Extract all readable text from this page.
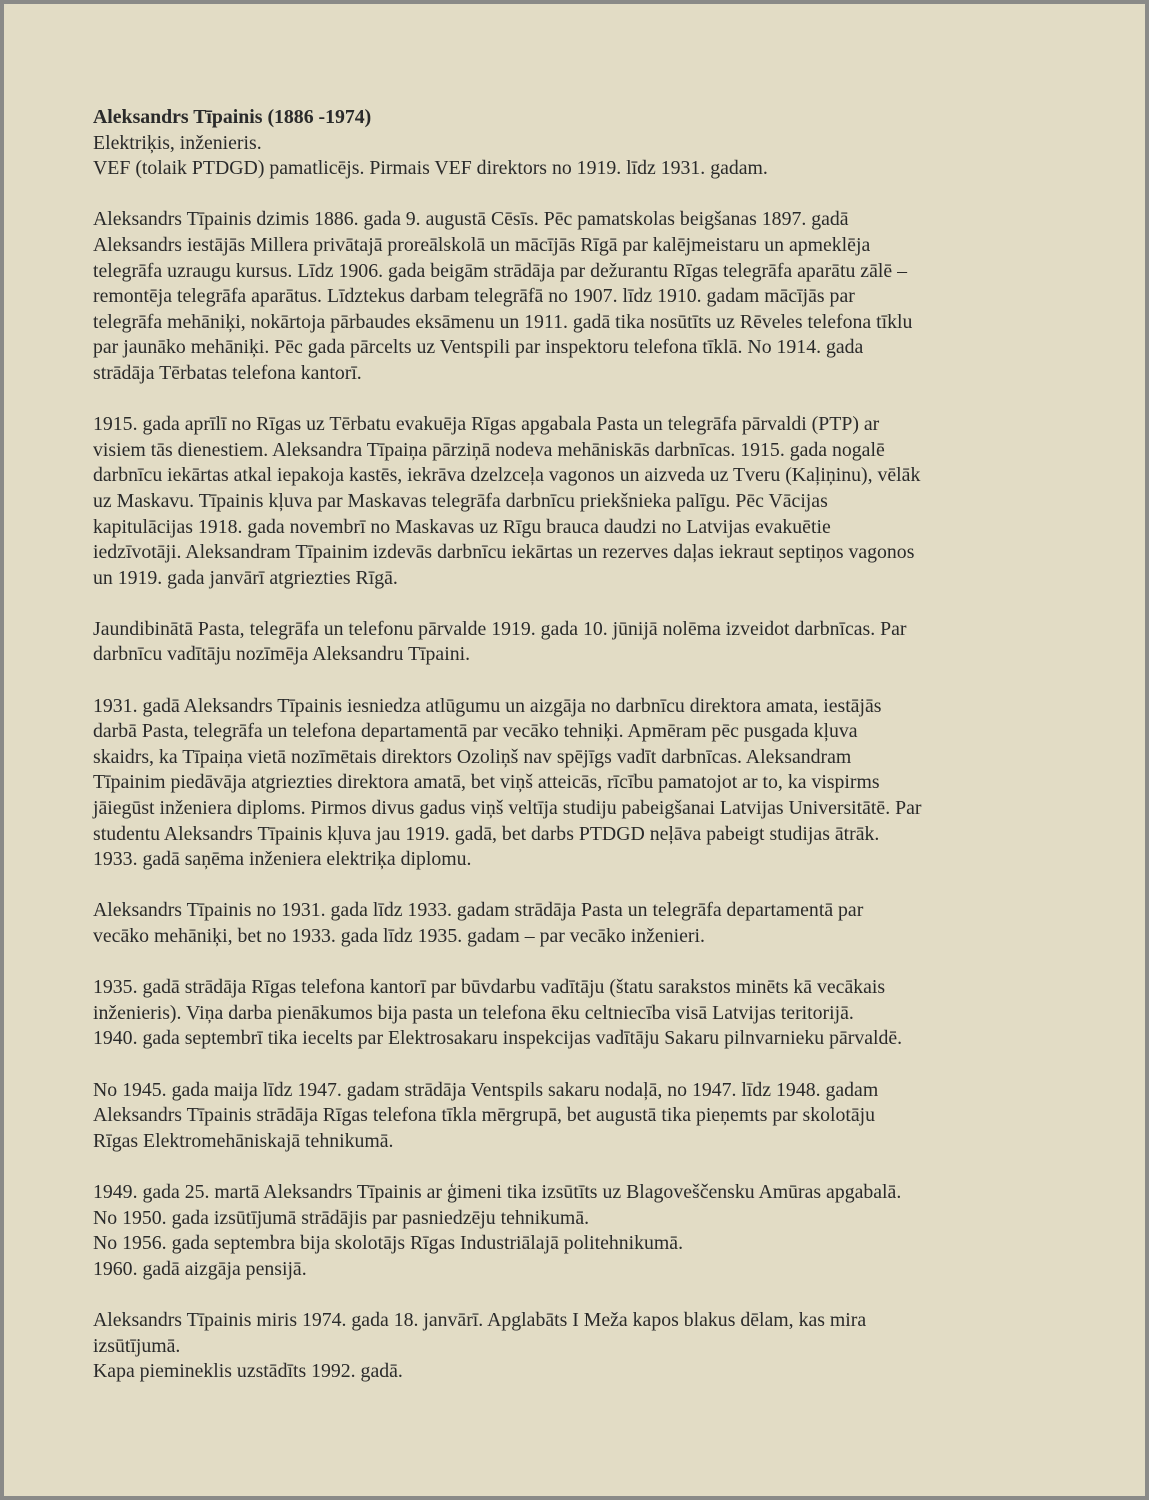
Aleksandrs Tīpainis (1886 -1974)
Elektriķis, inženieris.
VEF (tolaik PTDGD) pamatlicējs. Pirmais VEF direktors no 1919. līdz 1931. gadam.
Aleksandrs Tīpainis dzimis 1886. gada 9. augustā Cēsīs. Pēc pamatskolas beigšanas 1897. gadā
Aleksandrs iestājās Millera privātajā proreālskolā un mācījās Rīgā par kalējmeistaru un apmeklēja
telegrāfa uzraugu kursus. Līdz 1906. gada beigām strādāja par dežurantu Rīgas telegrāfa aparātu zālē –
remontēja telegrāfa aparātus. Līdztekus darbam telegrāfā no 1907. līdz 1910. gadam mācījās par
telegrāfa mehāniķi, nokārtoja pārbaudes eksāmenu un 1911. gadā tika nosūtīts uz Rēveles telefona tīklu
par jaunāko mehāniķi. Pēc gada pārcelts uz Ventspili par inspektoru telefona tīklā. No 1914. gada
strādāja Tērbatas telefona kantorī.
1915. gada aprīlī no Rīgas uz Tērbatu evakuēja Rīgas apgabala Pasta un telegrāfa pārvaldi (PTP) ar
visiem tās dienestiem. Aleksandra Tīpaiņa pārziņā nodeva mehāniskās darbnīcas. 1915. gada nogalē
darbnīcu iekārtas atkal iepakoja kastēs, iekrāva dzelzceļa vagonos un aizveda uz Tveru (Kaļiņinu), vēlāk
uz Maskavu. Tīpainis kļuva par Maskavas telegrāfa darbnīcu priekšnieka palīgu. Pēc Vācijas
kapitulācijas 1918. gada novembrī no Maskavas uz Rīgu brauca daudzi no Latvijas evakuētie
iedzīvotāji. Aleksandram Tīpainim izdevās darbnīcu iekārtas un rezerves daļas iekraut septiņos vagonos
un 1919. gada janvārī atgriezties Rīgā.
Jaundibinātā Pasta, telegrāfa un telefonu pārvalde 1919. gada 10. jūnijā nolēma izveidot darbnīcas. Par
darbnīcu vadītāju nozīmēja Aleksandru Tīpaini.
1931. gadā Aleksandrs Tīpainis iesniedza atlūgumu un aizgāja no darbnīcu direktora amata, iestājās
darbā Pasta, telegrāfa un telefona departamentā par vecāko tehniķi. Apmēram pēc pusgada kļuva
skaidrs, ka Tīpaiņa vietā nozīmētais direktors Ozoliņš nav spējīgs vadīt darbnīcas. Aleksandram
Tīpainim piedāvāja atgriezties direktora amatā, bet viņš atteicās, rīcību pamatojot ar to, ka vispirms
jāiegūst inženiera diploms. Pirmos divus gadus viņš veltīja studiju pabeigšanai Latvijas Universitātē. Par
studentu Aleksandrs Tīpainis kļuva jau 1919. gadā, bet darbs PTDGD neļāva pabeigt studijas ātrāk.
1933. gadā saņēma inženiera elektriķa diplomu.
Aleksandrs Tīpainis no 1931. gada līdz 1933. gadam strādāja Pasta un telegrāfa departamentā par
vecāko mehāniķi, bet no 1933. gada līdz 1935. gadam – par vecāko inženieri.
1935. gadā strādāja Rīgas telefona kantorī par būvdarbu vadītāju (štatu sarakstos minēts kā vecākais
inženieris). Viņa darba pienākumos bija pasta un telefona ēku celtniecība visā Latvijas teritorijā.
1940. gada septembrī tika iecelts par Elektrosakaru inspekcijas vadītāju Sakaru pilnvarnieku pārvaldē.
No 1945. gada maija līdz 1947. gadam strādāja Ventspils sakaru nodaļā, no 1947. līdz 1948. gadam
Aleksandrs Tīpainis strādāja Rīgas telefona tīkla mērgrupā, bet augustā tika pieņemts par skolotāju
Rīgas Elektromehāniskajā tehnikumā.
1949. gada 25. martā Aleksandrs Tīpainis ar ģimeni tika izsūtīts uz Blagoveščensku Amūras apgabalā.
No 1950. gada izsūtījumā strādājis par pasniedzēju tehnikumā.
No 1956. gada septembra bija skolotājs Rīgas Industriālajā politehnikumā.
1960. gadā aizgāja pensijā.
Aleksandrs Tīpainis miris 1974. gada 18. janvārī. Apglabāts I Meža kapos blakus dēlam, kas mira
izsūtījumā.
Kapa piemineklis uzstādīts 1992. gadā.
